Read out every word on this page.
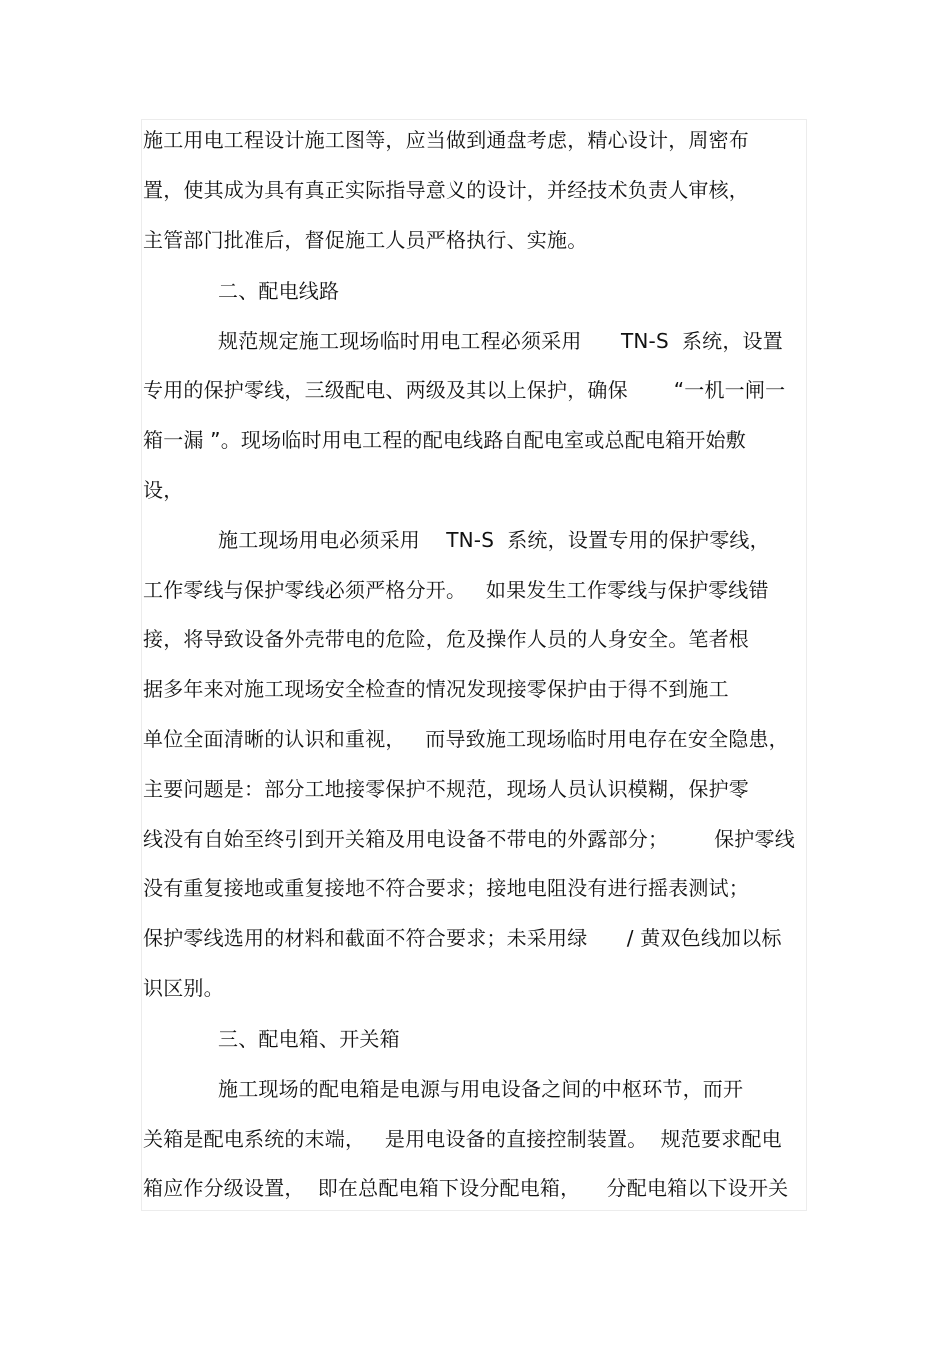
施工用电工程设计施工图等，应当做到通盘考虑，精心设计，周密布
置，使其成为具有真正实际指导意义的设计，并经技术负责人审核，
主管部门批准后，督促施工人员严格执行、实施。
二、配电线路
规范规定施工现场临时用电工程必须采用      TN-S  系统，设置
专用的保护零线，三级配电、两级及其以上保护，确保       “一机一闸一
箱一漏 ”。现场临时用电工程的配电线路自配电室或总配电箱开始敷
设，
施工现场用电必须采用    TN-S  系统，设置专用的保护零线，
工作零线与保护零线必须严格分开。   如果发生工作零线与保护零线错
接，将导致设备外壳带电的危险，危及操作人员的人身安全。笔者根
据多年来对施工现场安全检查的情况发现接零保护由于得不到施工
单位全面清晰的认识和重视，   而导致施工现场临时用电存在安全隐患，
主要问题是：部分工地接零保护不规范，现场人员认识模糊，保护零
线没有自始至终引到开关箱及用电设备不带电的外露部分；       保护零线
没有重复接地或重复接地不符合要求；接地电阻没有进行摇表测试；
保护零线选用的材料和截面不符合要求；未采用绿      / 黄双色线加以标
识区别。
三、配电箱、开关箱
施工现场的配电箱是电源与用电设备之间的中枢环节，而开
关箱是配电系统的末端，   是用电设备的直接控制装置。  规范要求配电
箱应作分级设置，  即在总配电箱下设分配电箱，    分配电箱以下设开关
